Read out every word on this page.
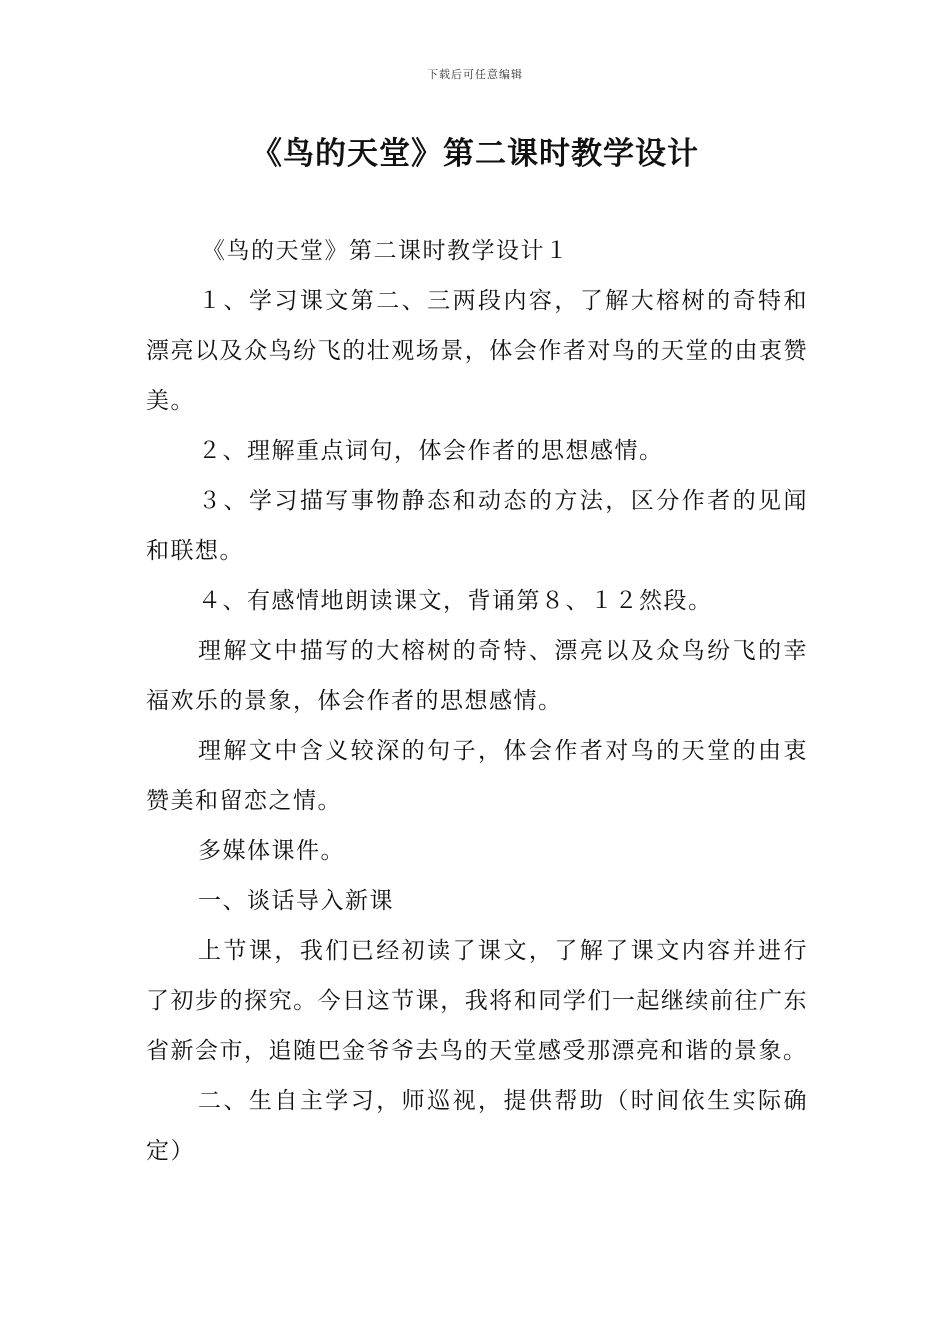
下载后可任意编辑
《鸟的天堂》第二课时教学设计

《鸟的天堂》第二课时教学设计１

１、学习课文第二、三两段内容，了解大榕树的奇特和漂亮以及众鸟纷飞的壮观场景，体会作者对鸟的天堂的由衷赞美。

２、理解重点词句，体会作者的思想感情。

３、学习描写事物静态和动态的方法，区分作者的见闻和联想。

４、有感情地朗读课文，背诵第８、１２然段。

理解文中描写的大榕树的奇特、漂亮以及众鸟纷飞的幸福欢乐的景象，体会作者的思想感情。

理解文中含义较深的句子，体会作者对鸟的天堂的由衷赞美和留恋之情。

多媒体课件。

一、谈话导入新课

上节课，我们已经初读了课文，了解了课文内容并进行了初步的探究。今日这节课，我将和同学们一起继续前往广东省新会市，追随巴金爷爷去鸟的天堂感受那漂亮和谐的景象。

二、生自主学习，师巡视，提供帮助（时间依生实际确定）
